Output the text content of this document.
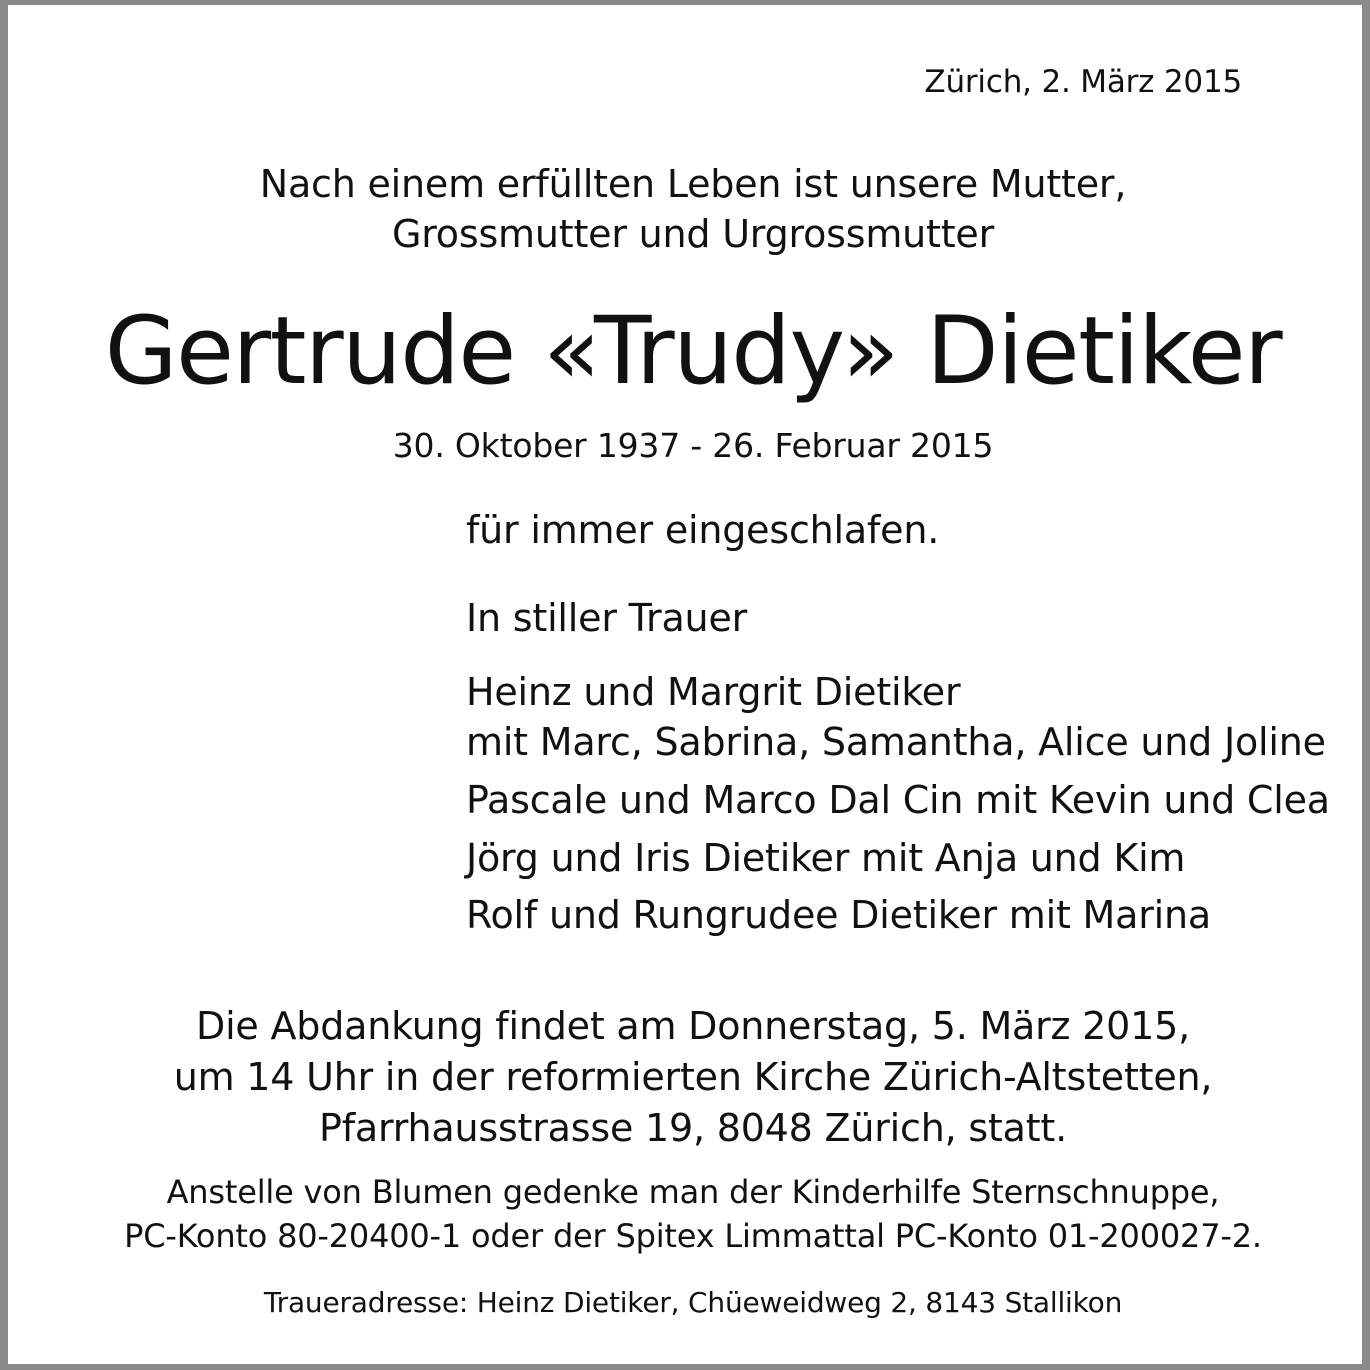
Zürich, 2. März 2015
Nach einem erfüllten Leben ist unsere Mutter,
Grossmutter und Urgrossmutter
Gertrude «Trudy» Dietiker
30. Oktober 1937 - 26. Februar 2015
für immer eingeschlafen.
In stiller Trauer
Heinz und Margrit Dietiker
mit Marc, Sabrina, Samantha, Alice und Joline
Pascale und Marco Dal Cin mit Kevin und Clea
Jörg und Iris Dietiker mit Anja und Kim
Rolf und Rungrudee Dietiker mit Marina
Die Abdankung findet am Donnerstag, 5. März 2015,
um 14 Uhr in der reformierten Kirche Zürich-Altstetten,
Pfarrhausstrasse 19, 8048 Zürich, statt.
Anstelle von Blumen gedenke man der Kinderhilfe Sternschnuppe,
PC-Konto 80-20400-1 oder der Spitex Limmattal PC-Konto 01-200027-2.
Traueradresse: Heinz Dietiker, Chüeweidweg 2, 8143 Stallikon
